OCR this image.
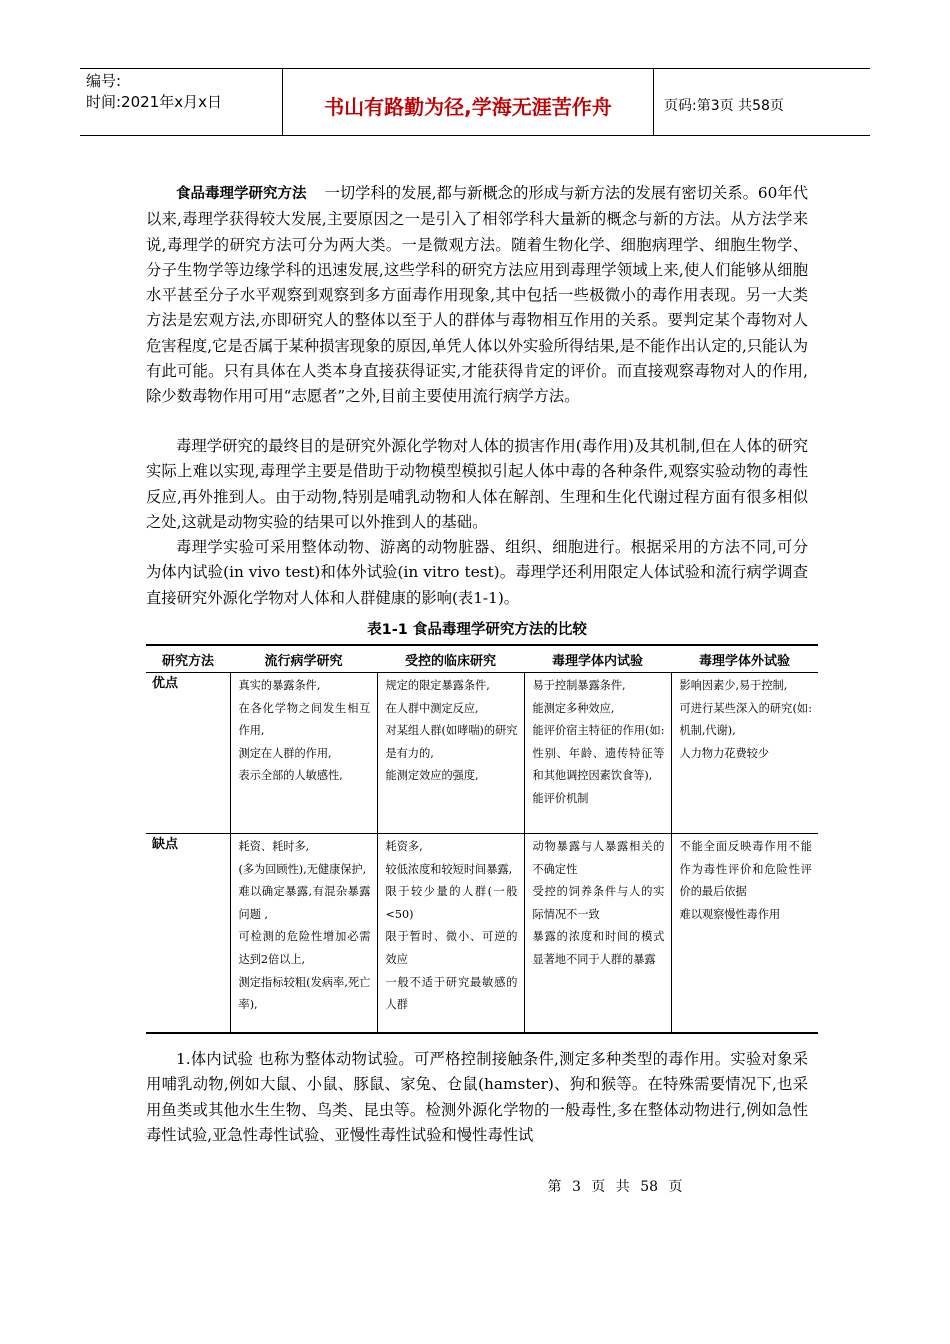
编号:
时间:2021年x月x日	书山有路勤为径,学海无涯苦作舟	页码:第3页 共58页

食品毒理学研究方法 一切学科的发展,都与新概念的形成与新方法的发展有密切关系。60年代以来,毒理学获得较大发展,主要原因之一是引入了相邻学科大量新的概念与新的方法。从方法学来说,毒理学的研究方法可分为两大类。一是微观方法。随着生物化学、细胞病理学、细胞生物学、分子生物学等边缘学科的迅速发展,这些学科的研究方法应用到毒理学领域上来,使人们能够从细胞水平甚至分子水平观察到观察到多方面毒作用现象,其中包括一些极微小的毒作用表现。另一大类方法是宏观方法,亦即研究人的整体以至于人的群体与毒物相互作用的关系。要判定某个毒物对人危害程度,它是否属于某种损害现象的原因,单凭人体以外实验所得结果,是不能作出认定的,只能认为有此可能。只有具体在人类本身直接获得证实,才能获得肯定的评价。而直接观察毒物对人的作用,除少数毒物作用可用“志愿者”之外,目前主要使用流行病学方法。

毒理学研究的最终目的是研究外源化学物对人体的损害作用(毒作用)及其机制,但在人体的研究实际上难以实现,毒理学主要是借助于动物模型模拟引起人体中毒的各种条件,观察实验动物的毒性反应,再外推到人。由于动物,特别是哺乳动物和人体在解剖、生理和生化代谢过程方面有很多相似之处,这就是动物实验的结果可以外推到人的基础。

毒理学实验可采用整体动物、游离的动物脏器、组织、细胞进行。根据采用的方法不同,可分为体内试验(in vivo test)和体外试验(in vitro test)。毒理学还利用限定人体试验和流行病学调查直接研究外源化学物对人体和人群健康的影响(表1-1)。

表1-1 食品毒理学研究方法的比较
研究方法	流行病学研究	受控的临床研究	毒理学体内试验	毒理学体外试验
优点	真实的暴露条件,
在各化学物之间发生相互作用,
测定在人群的作用,
表示全部的人敏感性,	规定的限定暴露条件,
在人群中测定反应,
对某组人群(如哮喘)的研究是有力的,
能测定效应的强度,	易于控制暴露条件,
能测定多种效应,
能评价宿主特征的作用(如:性别、年龄、遗传特征等和其他调控因素饮食等),
能评价机制	影响因素少,易于控制,
可进行某些深入的研究(如:机制,代谢),
人力物力花费较少

缺点	耗资、耗时多,
(多为回顾性),无健康保护,
难以确定暴露,有混杂暴露问题 ,
可检测的危险性增加必需达到2倍以上,
测定指标较粗(发病率,死亡率),	耗资多,
较低浓度和较短时间暴露,
限于较少量的人群(一般<50)
限于暂时、微小、可逆的效应
一般不适于研究最敏感的人群	动物暴露与人暴露相关的不确定性
受控的饲养条件与人的实际情况不一致
暴露的浓度和时间的模式显著地不同于人群的暴露	不能全面反映毒作用不能作为毒性评价和危险性评价的最后依据
难以观察慢性毒作用

1.体内试验 也称为整体动物试验。可严格控制接触条件,测定多种类型的毒作用。实验对象采用哺乳动物,例如大鼠、小鼠、豚鼠、家兔、仓鼠(hamster)、狗和猴等。在特殊需要情况下,也采用鱼类或其他水生生物、鸟类、昆虫等。检测外源化学物的一般毒性,多在整体动物进行,例如急性毒性试验,亚急性毒性试验、亚慢性毒性试验和慢性毒性试

第 3 页 共 58 页
